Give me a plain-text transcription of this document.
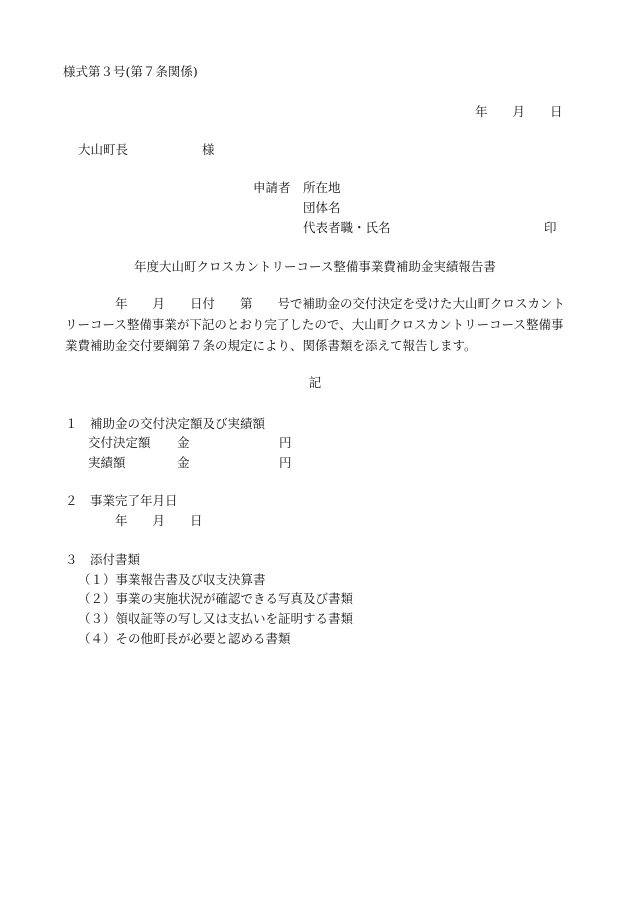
様式第３号(第７条関係)
年　　月　　日
大山町長	様
申請者 所在地
団体名
代表者職・氏名	印
年度大山町クロスカントリーコース整備事業費補助金実績報告書
年　　月　　日付　　第　　号で補助金の交付決定を受けた大山町クロスカント
リーコース整備事業が下記のとおり完了したので、大山町クロスカントリーコース整備事
業費補助金交付要綱第７条の規定により、関係書類を添えて報告します。
記
１　補助金の交付決定額及び実績額
交付決定額 金	円
実績額	金	円
２　事業完了年月日
年　　月　　日
３　添付書類
（１）事業報告書及び収支決算書
（２）事業の実施状況が確認できる写真及び書類
（３）領収証等の写し又は支払いを証明する書類
（４）その他町長が必要と認める書類
